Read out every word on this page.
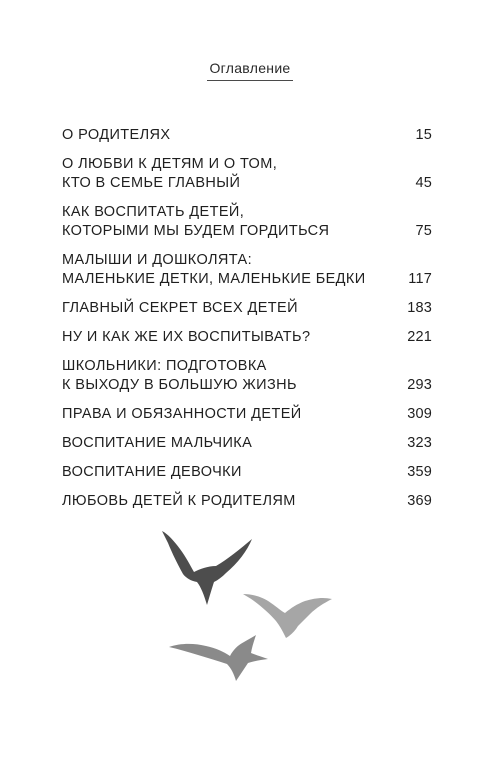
Оглавление
О РОДИТЕЛЯХ	15
О ЛЮБВИ К ДЕТЯМ И О ТОМ,
КТО В СЕМЬЕ ГЛАВНЫЙ	45
КАК ВОСПИТАТЬ ДЕТЕЙ,
КОТОРЫМИ МЫ БУДЕМ ГОРДИТЬСЯ	75
МАЛЫШИ И ДОШКОЛЯТА:
МАЛЕНЬКИЕ ДЕТКИ, МАЛЕНЬКИЕ БЕДКИ	117
ГЛАВНЫЙ СЕКРЕТ ВСЕХ ДЕТЕЙ	183
НУ И КАК ЖЕ ИХ ВОСПИТЫВАТЬ?	221
ШКОЛЬНИКИ: ПОДГОТОВКА
К ВЫХОДУ В БОЛЬШУЮ ЖИЗНЬ	293
ПРАВА И ОБЯЗАННОСТИ ДЕТЕЙ	309
ВОСПИТАНИЕ МАЛЬЧИКА	323
ВОСПИТАНИЕ ДЕВОЧКИ	359
ЛЮБОВЬ ДЕТЕЙ К РОДИТЕЛЯМ	369
